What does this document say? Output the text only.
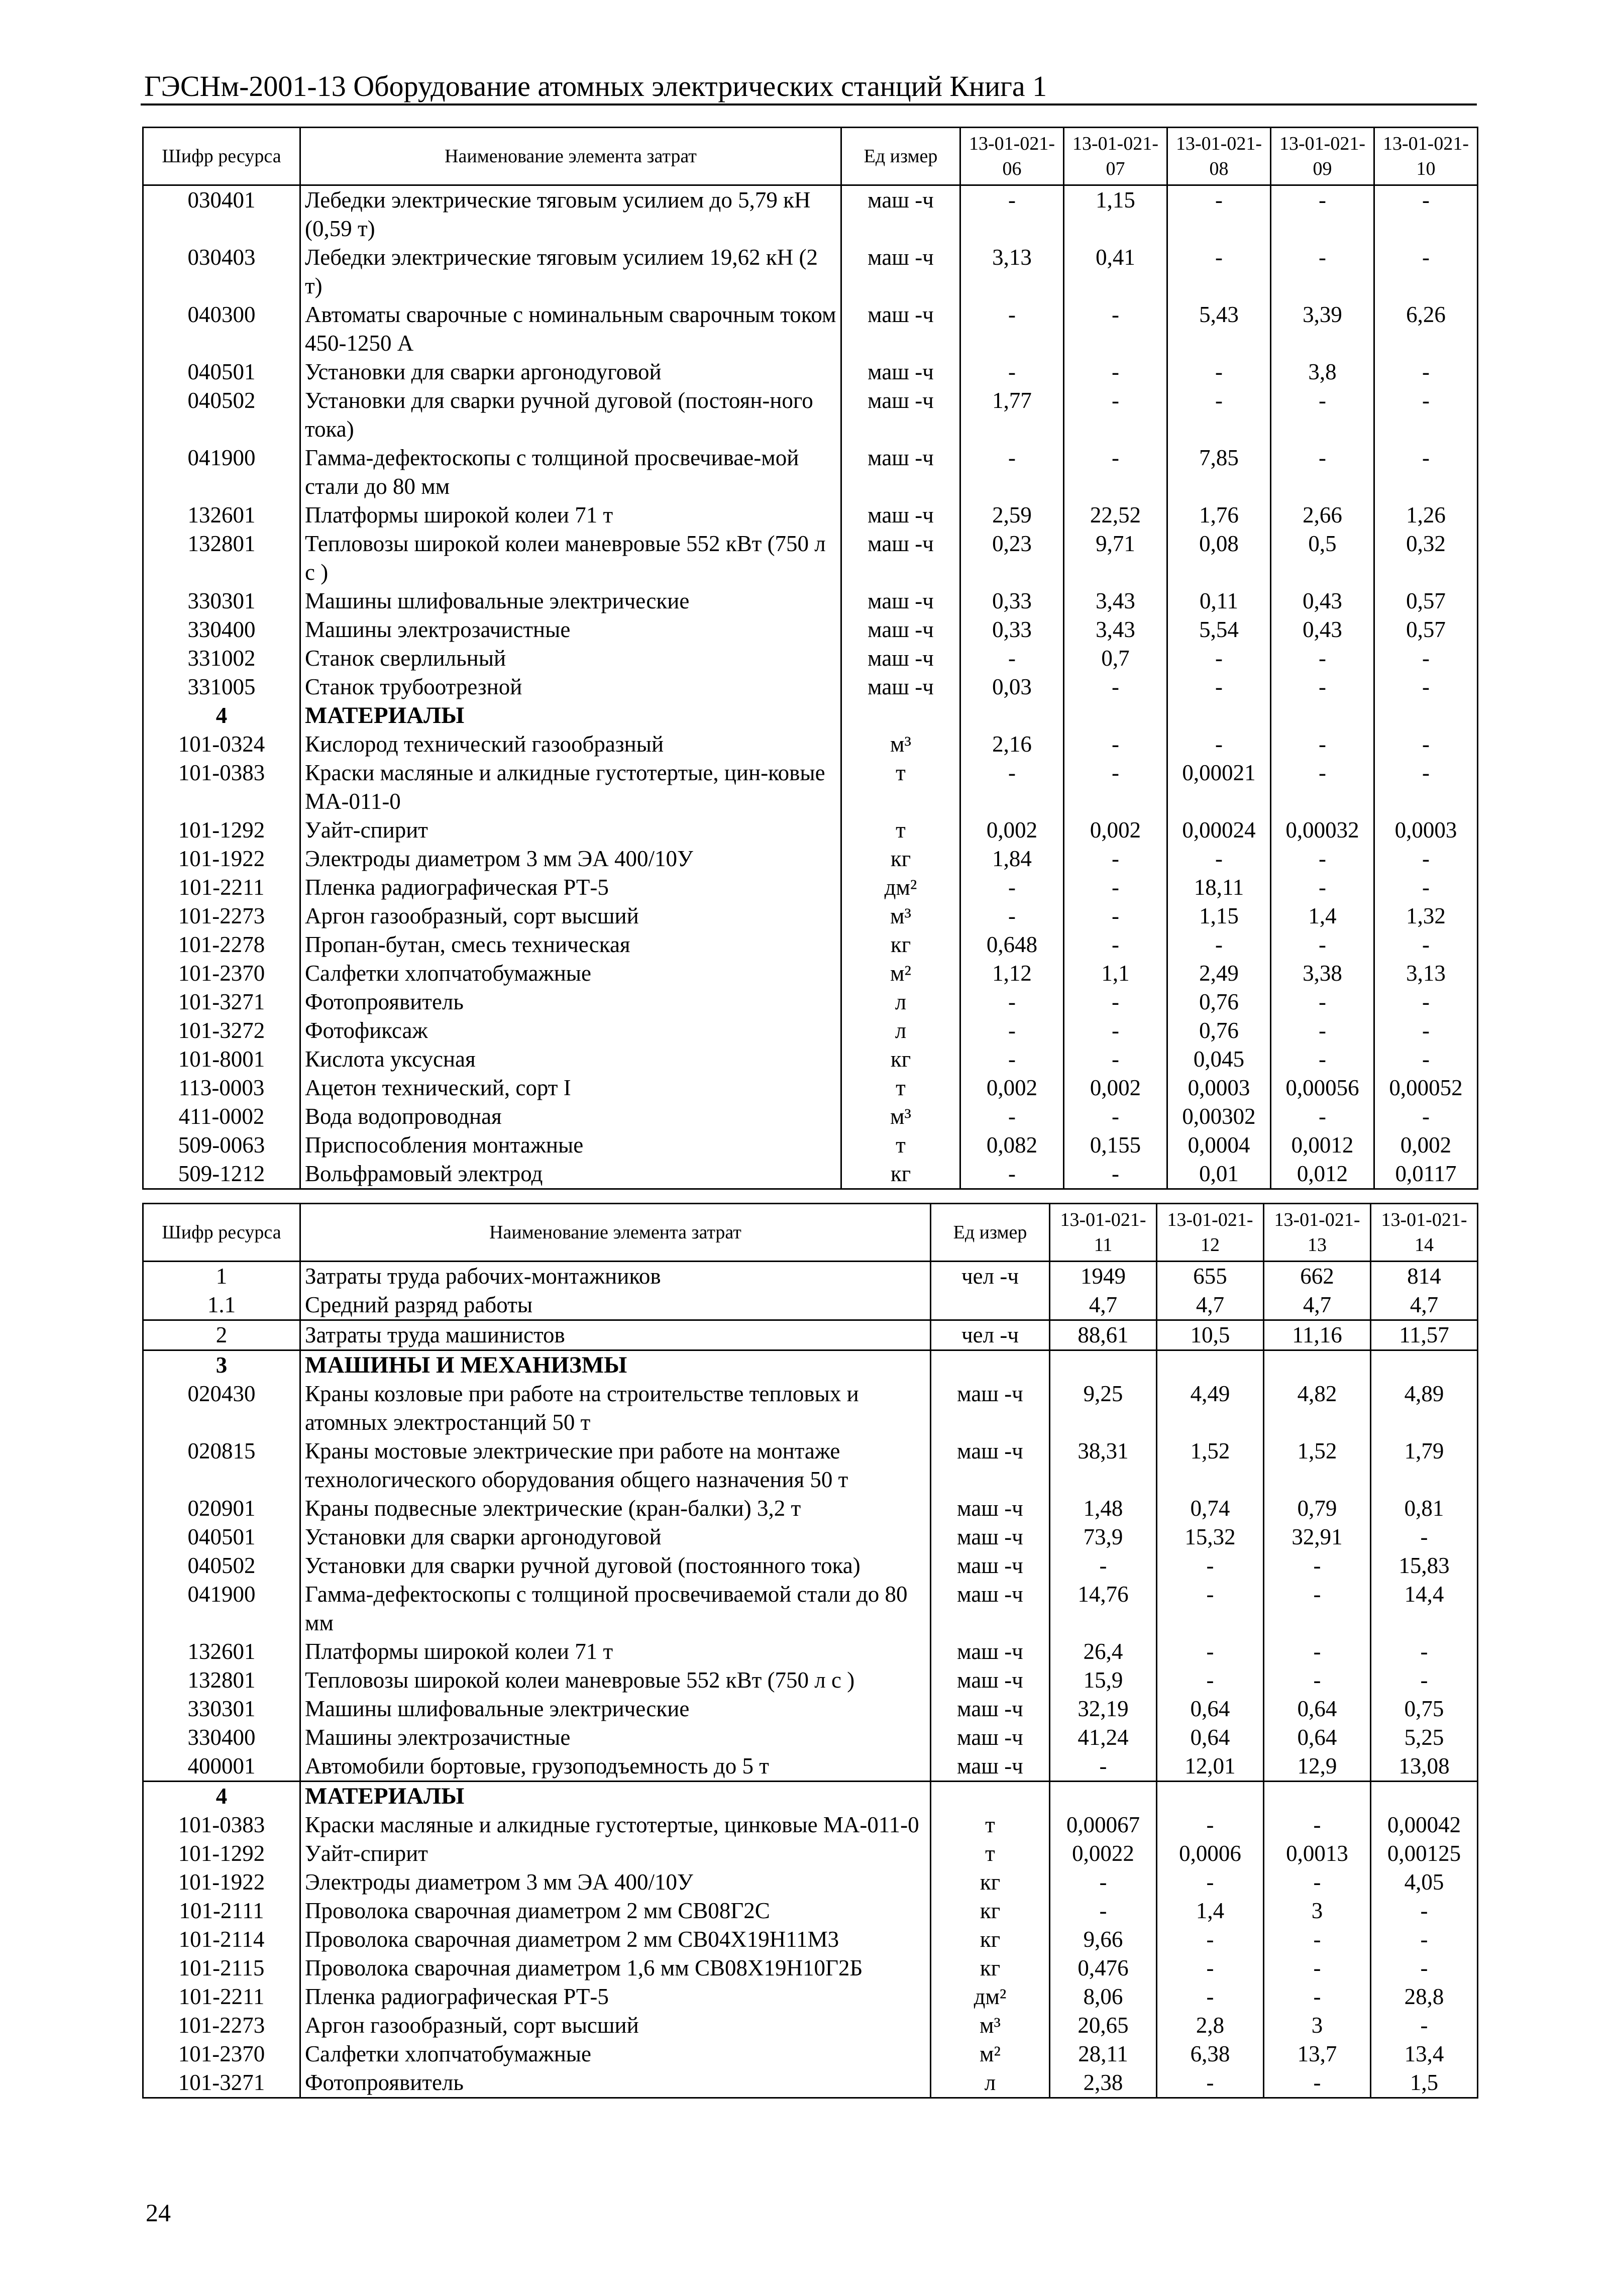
ГЭСНм-2001-13 Оборудование атомных электрических станций Книга 1
Шифр ресурса	Наименование элемента затрат	Ед измер	13-01-021-06	13-01-021-07	13-01-021-08	13-01-021-09	13-01-021-10
030401	Лебедки электрические тяговым усилием до 5,79 кН (0,59 т)	маш -ч	-	1,15	-	-	-
030403	Лебедки электрические тяговым усилием 19,62 кН (2 т)	маш -ч	3,13	0,41	-	-	-
040300	Автоматы сварочные с номинальным сварочным током 450-1250 А	маш -ч	-	-	5,43	3,39	6,26
040501	Установки для сварки аргонодуговой	маш -ч	-	-	-	3,8	-
040502	Установки для сварки ручной дуговой (постоян-ного тока)	маш -ч	1,77	-	-	-	-
041900	Гамма-дефектоскопы с толщиной просвечивае-мой стали до 80 мм	маш -ч	-	-	7,85	-	-
132601	Платформы широкой колеи 71 т	маш -ч	2,59	22,52	1,76	2,66	1,26
132801	Тепловозы широкой колеи маневровые 552 кВт (750 л с )	маш -ч	0,23	9,71	0,08	0,5	0,32
330301	Машины шлифовальные электрические	маш -ч	0,33	3,43	0,11	0,43	0,57
330400	Машины электрозачистные	маш -ч	0,33	3,43	5,54	0,43	0,57
331002	Станок сверлильный	маш -ч	-	0,7	-	-	-
331005	Станок трубоотрезной	маш -ч	0,03	-	-	-	-
4	МАТЕРИАЛЫ						
101-0324	Кислород технический газообразный	м³	2,16	-	-	-	-
101-0383	Краски масляные и алкидные густотертые, цин-ковые МА-011-0	т	-	-	0,00021	-	-
101-1292	Уайт-спирит	т	0,002	0,002	0,00024	0,00032	0,0003
101-1922	Электроды диаметром 3 мм ЭА 400/10У	кг	1,84	-	-	-	-
101-2211	Пленка радиографическая РТ-5	дм²	-	-	18,11	-	-
101-2273	Аргон газообразный, сорт высший	м³	-	-	1,15	1,4	1,32
101-2278	Пропан-бутан, смесь техническая	кг	0,648	-	-	-	-
101-2370	Салфетки хлопчатобумажные	м²	1,12	1,1	2,49	3,38	3,13
101-3271	Фотопроявитель	л	-	-	0,76	-	-
101-3272	Фотофиксаж	л	-	-	0,76	-	-
101-8001	Кислота уксусная	кг	-	-	0,045	-	-
113-0003	Ацетон технический, сорт I	т	0,002	0,002	0,0003	0,00056	0,00052
411-0002	Вода водопроводная	м³	-	-	0,00302	-	-
509-0063	Приспособления монтажные	т	0,082	0,155	0,0004	0,0012	0,002
509-1212	Вольфрамовый электрод	кг	-	-	0,01	0,012	0,0117
Шифр ресурса	Наименование элемента затрат	Ед измер	13-01-021-11	13-01-021-12	13-01-021-13	13-01-021-14
1	Затраты труда рабочих-монтажников	чел -ч	1949	655	662	814
1.1	Средний разряд работы		4,7	4,7	4,7	4,7
2	Затраты труда машинистов	чел -ч	88,61	10,5	11,16	11,57
3	МАШИНЫ И МЕХАНИЗМЫ					
020430	Краны козловые при работе на строительстве тепловых и атомных электростанций 50 т	маш -ч	9,25	4,49	4,82	4,89
020815	Краны мостовые электрические при работе на монтаже технологического оборудования общего назначения 50 т	маш -ч	38,31	1,52	1,52	1,79
020901	Краны подвесные электрические (кран-балки) 3,2 т	маш -ч	1,48	0,74	0,79	0,81
040501	Установки для сварки аргонодуговой	маш -ч	73,9	15,32	32,91	-
040502	Установки для сварки ручной дуговой (постоянного тока)	маш -ч	-	-	-	15,83
041900	Гамма-дефектоскопы с толщиной просвечиваемой стали до 80 мм	маш -ч	14,76	-	-	14,4
132601	Платформы широкой колеи 71 т	маш -ч	26,4	-	-	-
132801	Тепловозы широкой колеи маневровые 552 кВт (750 л с )	маш -ч	15,9	-	-	-
330301	Машины шлифовальные электрические	маш -ч	32,19	0,64	0,64	0,75
330400	Машины электрозачистные	маш -ч	41,24	0,64	0,64	5,25
400001	Автомобили бортовые, грузоподъемность до 5 т	маш -ч	-	12,01	12,9	13,08
4	МАТЕРИАЛЫ					
101-0383	Краски масляные и алкидные густотертые, цинковые МА-011-0	т	0,00067	-	-	0,00042
101-1292	Уайт-спирит	т	0,0022	0,0006	0,0013	0,00125
101-1922	Электроды диаметром 3 мм ЭА 400/10У	кг	-	-	-	4,05
101-2111	Проволока сварочная диаметром 2 мм СВ08Г2С	кг	-	1,4	3	-
101-2114	Проволока сварочная диаметром 2 мм СВ04Х19Н11М3	кг	9,66	-	-	-
101-2115	Проволока сварочная диаметром 1,6 мм СВ08Х19Н10Г2Б	кг	0,476	-	-	-
101-2211	Пленка радиографическая РТ-5	дм²	8,06	-	-	28,8
101-2273	Аргон газообразный, сорт высший	м³	20,65	2,8	3	-
101-2370	Салфетки хлопчатобумажные	м²	28,11	6,38	13,7	13,4
101-3271	Фотопроявитель	л	2,38	-	-	1,5
24
